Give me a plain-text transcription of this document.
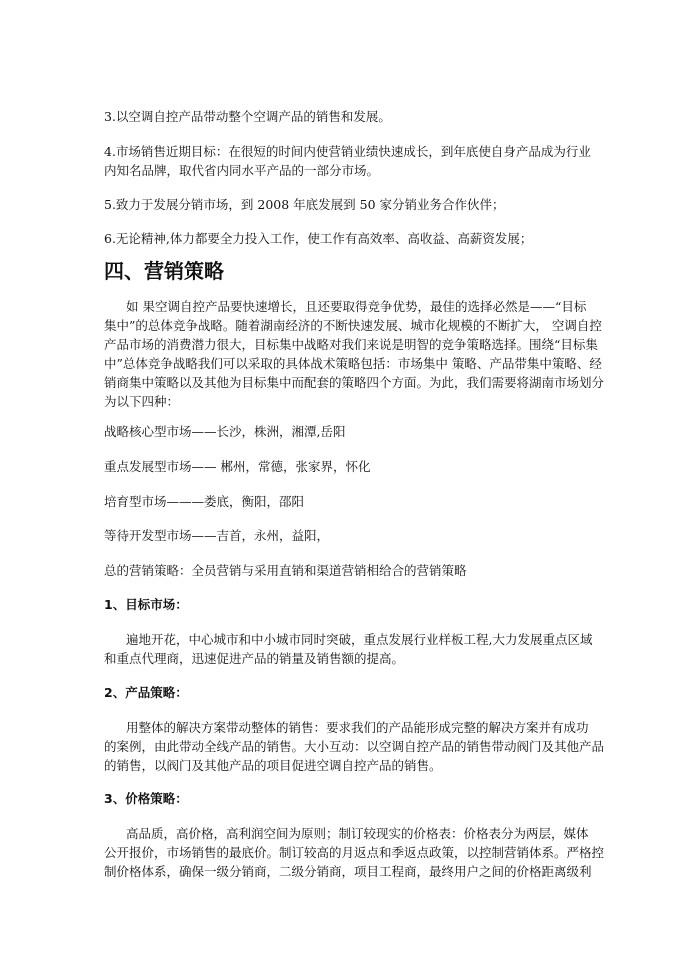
3.以空调自控产品带动整个空调产品的销售和发展。
4.市场销售近期目标：在很短的时间内使营销业绩快速成长，到年底使自身产品成为行业
内知名品牌，取代省内同水平产品的一部分市场。
5.致力于发展分销市场，到 2008 年底发展到 50 家分销业务合作伙伴；
6.无论精神,体力都要全力投入工作，使工作有高效率、高收益、高薪资发展；
四、营销策略
如 果空调自控产品要快速增长，且还要取得竞争优势，最佳的选择必然是——“目标
集中”的总体竞争战略。随着湖南经济的不断快速发展、城市化规模的不断扩大， 空调自控
产品市场的消费潜力很大，目标集中战略对我们来说是明智的竞争策略选择。围绕“目标集
中”总体竞争战略我们可以采取的具体战术策略包括：市场集中 策略、产品带集中策略、经
销商集中策略以及其他为目标集中而配套的策略四个方面。为此，我们需要将湖南市场划分
为以下四种：
战略核心型市场——长沙，株洲，湘潭,岳阳
重点发展型市场—— 郴州，常德，张家界，怀化
培育型市场———娄底，衡阳，邵阳
等待开发型市场——吉首，永州，益阳，
总的营销策略：全员营销与采用直销和渠道营销相给合的营销策略
1、目标市场：
遍地开花，中心城市和中小城市同时突破，重点发展行业样板工程,大力发展重点区域
和重点代理商，迅速促进产品的销量及销售额的提高。
2、产品策略：
用整体的解决方案带动整体的销售：要求我们的产品能形成完整的解决方案并有成功
的案例，由此带动全线产品的销售。大小互动：以空调自控产品的销售带动阀门及其他产品
的销售，以阀门及其他产品的项目促进空调自控产品的销售。
3、价格策略：
高品质，高价格，高利润空间为原则；制订较现实的价格表：价格表分为两层，媒体
公开报价，市场销售的最底价。制订较高的月返点和季返点政策，以控制营销体系。严格控
制价格体系，确保一级分销商，二级分销商，项目工程商，最终用户之间的价格距离级利
